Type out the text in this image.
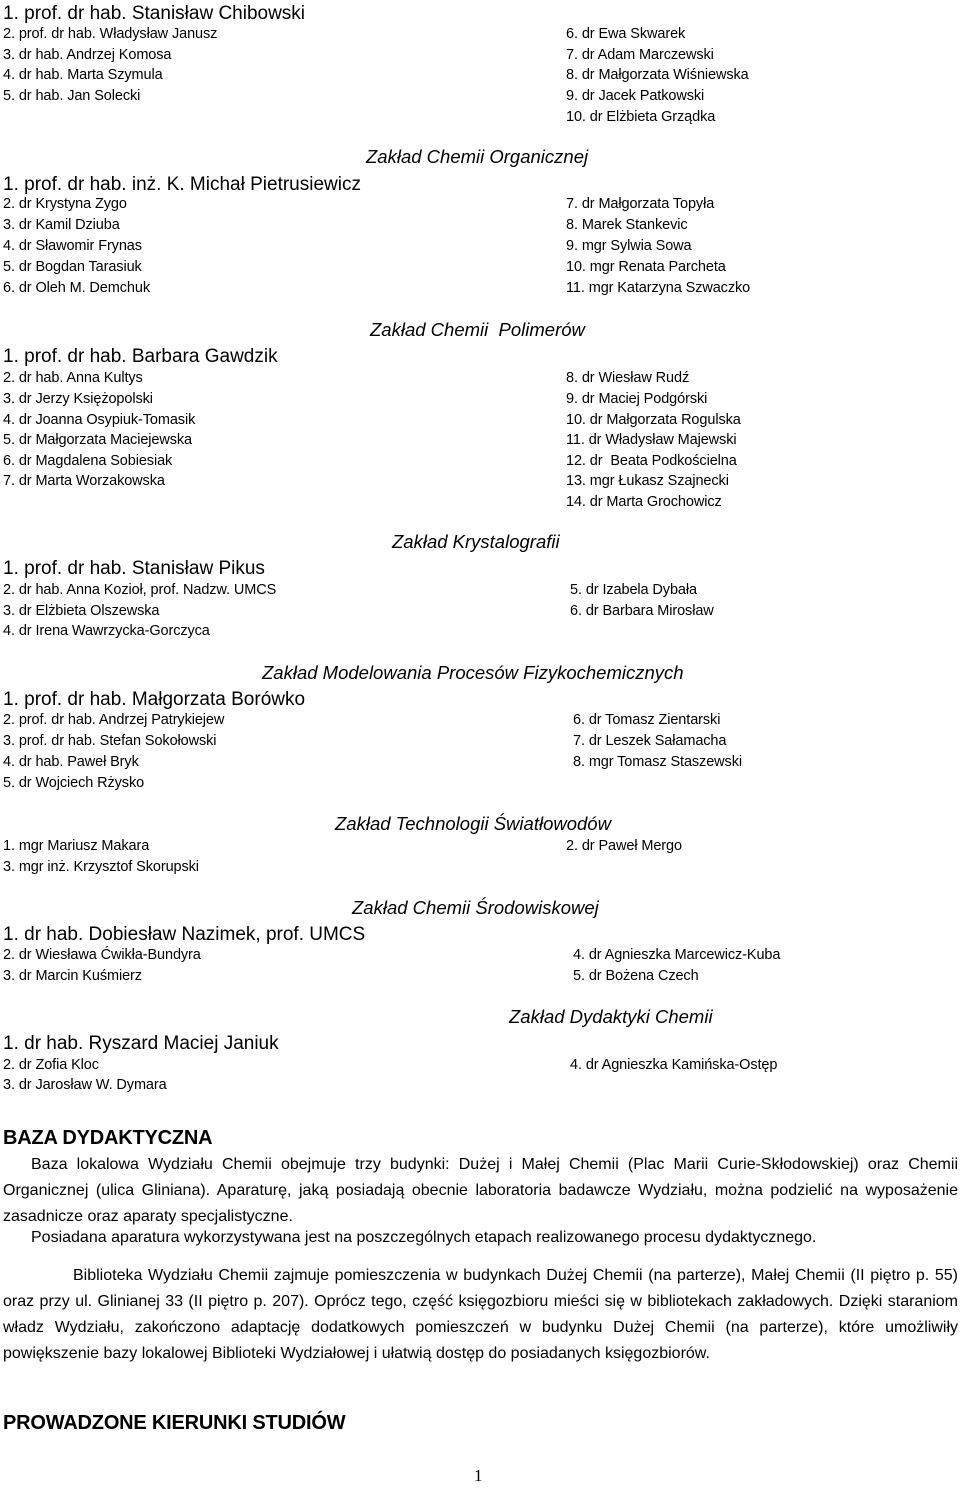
1. prof. dr hab. Stanisław Chibowski
2. prof. dr hab. Władysław Janusz
3. dr hab. Andrzej Komosa
4. dr hab. Marta Szymula
5. dr hab. Jan Solecki
6. dr Ewa Skwarek
7. dr Adam Marczewski
8. dr Małgorzata Wiśniewska
9. dr Jacek Patkowski
10. dr Elżbieta Grządka
Zakład Chemii Organicznej
1. prof. dr hab. inż. K. Michał Pietrusiewicz
2. dr Krystyna Zygo
3. dr Kamil Dziuba
4. dr Sławomir Frynas
5. dr Bogdan Tarasiuk
6. dr Oleh M. Demchuk
7. dr Małgorzata Topyła
8. Marek Stankevic
9. mgr Sylwia Sowa
10. mgr Renata Parcheta
11. mgr Katarzyna Szwaczko
Zakład Chemii  Polimerów
1. prof. dr hab. Barbara Gawdzik
2. dr hab. Anna Kultys
3. dr Jerzy Księżopolski
4. dr Joanna Osypiuk-Tomasik
5. dr Małgorzata Maciejewska
6. dr Magdalena Sobiesiak
7. dr Marta Worzakowska
8. dr Wiesław Rudź
9. dr Maciej Podgórski
10. dr Małgorzata Rogulska
11. dr Władysław Majewski
12. dr  Beata Podkościelna
13. mgr Łukasz Szajnecki
14. dr Marta Grochowicz
Zakład Krystalografii
1. prof. dr hab. Stanisław Pikus
2. dr hab. Anna Kozioł, prof. Nadzw. UMCS
3. dr Elżbieta Olszewska
4. dr Irena Wawrzycka-Gorczyca
5. dr Izabela Dybała
6. dr Barbara Mirosław
Zakład Modelowania Procesów Fizykochemicznych
1. prof. dr hab. Małgorzata Borówko
2. prof. dr hab. Andrzej Patrykiejew
3. prof. dr hab. Stefan Sokołowski
4. dr hab. Paweł Bryk
5. dr Wojciech Rżysko
6. dr Tomasz Zientarski
7. dr Leszek Sałamacha
8. mgr Tomasz Staszewski
Zakład Technologii Światłowodów
1. mgr Mariusz Makara
3. mgr inż. Krzysztof Skorupski
2. dr Paweł Mergo
Zakład Chemii Środowiskowej
1. dr hab. Dobiesław Nazimek, prof. UMCS
2. dr Wiesława Ćwikła-Bundyra
3. dr Marcin Kuśmierz
4. dr Agnieszka Marcewicz-Kuba
5. dr Bożena Czech
Zakład Dydaktyki Chemii
1. dr hab. Ryszard Maciej Janiuk
2. dr Zofia Kloc
3. dr Jarosław W. Dymara
4. dr Agnieszka Kamińska-Ostęp
BAZA DYDAKTYCZNA
Baza lokalowa Wydziału Chemii obejmuje trzy budynki: Dużej i Małej Chemii (Plac Marii Curie-Skłodowskiej) oraz Chemii Organicznej (ulica Gliniana). Aparaturę, jaką posiadają obecnie laboratoria badawcze Wydziału, można podzielić na wyposażenie zasadnicze oraz aparaty specjalistyczne.
Posiadana aparatura wykorzystywana jest na poszczególnych etapach realizowanego procesu dydaktycznego.
Biblioteka Wydziału Chemii zajmuje pomieszczenia w budynkach Dużej Chemii (na parterze), Małej Chemii (II piętro p. 55) oraz przy ul. Glinianej 33 (II piętro p. 207). Oprócz tego, część księgozbioru mieści się w bibliotekach zakładowych. Dzięki staraniom władz Wydziału, zakończono adaptację dodatkowych pomieszczeń w budynku Dużej Chemii (na parterze), które umożliwiły powiększenie bazy lokalowej Biblioteki Wydziałowej i ułatwią dostęp do posiadanych księgozbiorów.
PROWADZONE KIERUNKI STUDIÓW
1
